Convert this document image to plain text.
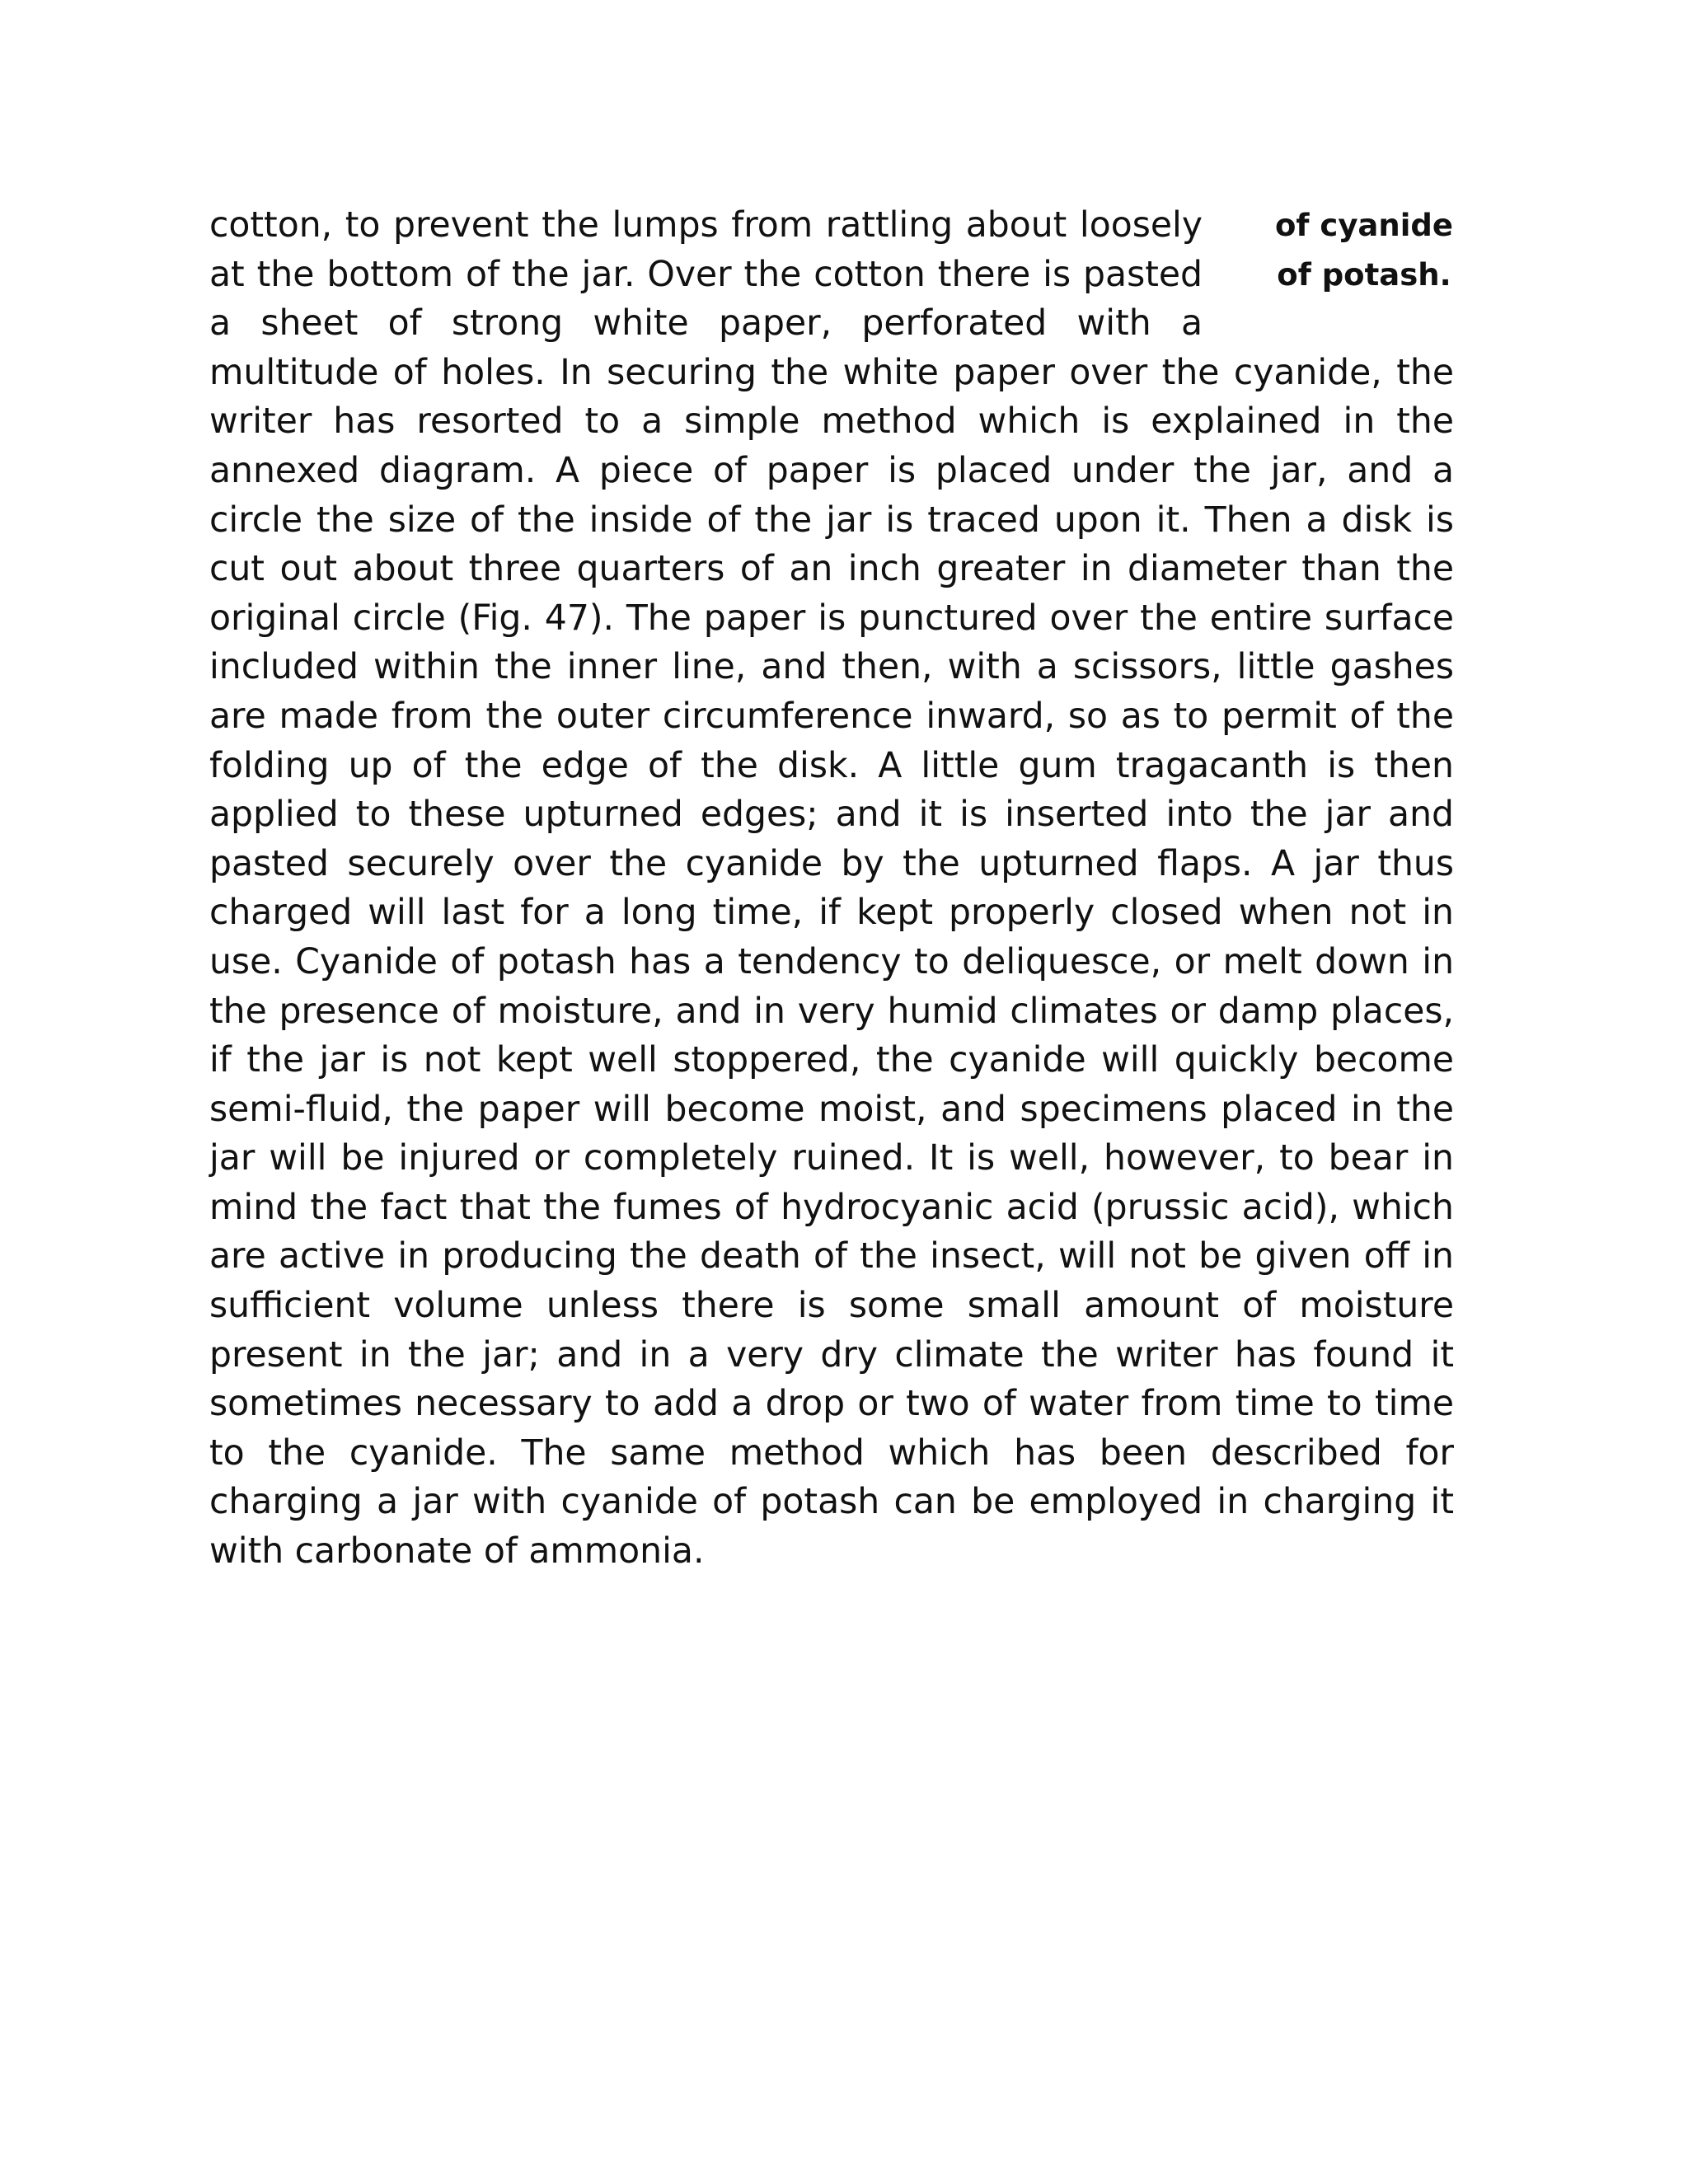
of cyanide
of potash.

cotton, to prevent the lumps from rattling about loosely at the bottom of the jar. Over the cotton there is pasted a sheet of strong white paper, perforated with a multitude of holes. In securing the white paper over the cyanide, the writer has resorted to a simple method which is explained in the annexed diagram. A piece of paper is placed under the jar, and a circle the size of the inside of the jar is traced upon it. Then a disk is cut out about three quarters of an inch greater in diameter than the original circle (Fig. 47). The paper is punctured over the entire surface included within the inner line, and then, with a scissors, little gashes are made from the outer circumference inward, so as to permit of the folding up of the edge of the disk. A little gum tragacanth is then applied to these upturned edges; and it is inserted into the jar and pasted securely over the cyanide by the upturned flaps. A jar thus charged will last for a long time, if kept properly closed when not in use. Cyanide of potash has a tendency to deliquesce, or melt down in the presence of moisture, and in very humid climates or damp places, if the jar is not kept well stoppered, the cyanide will quickly become semi-fluid, the paper will become moist, and specimens placed in the jar will be injured or completely ruined. It is well, however, to bear in mind the fact that the fumes of hydrocyanic acid (prussic acid), which are active in producing the death of the insect, will not be given off in sufficient volume unless there is some small amount of moisture present in the jar; and in a very dry climate the writer has found it sometimes necessary to add a drop or two of water from time to time to the cyanide. The same method which has been described for charging a jar with cyanide of potash can be employed in charging it with carbonate of ammonia.
